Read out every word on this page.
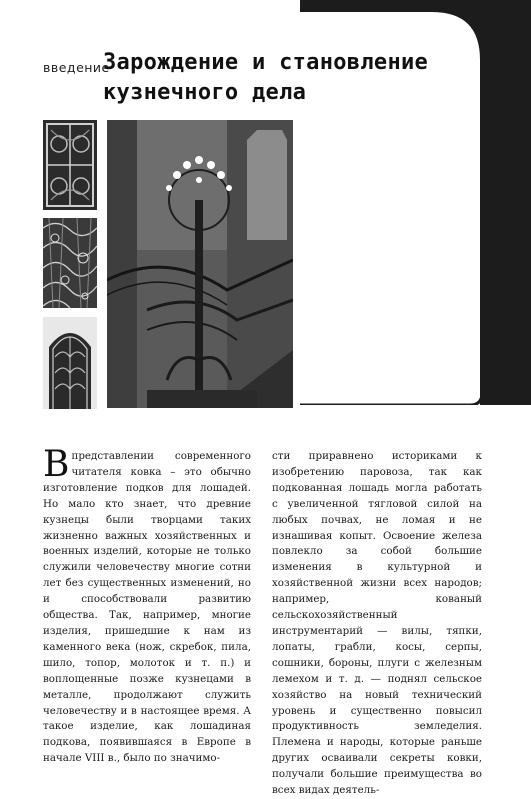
введение
Зарождение и становление
кузнечного дела
Впредставлении современного читателя ковка – это обычно изготовление подков для лошадей. Но мало кто знает, что древние кузнецы были творцами таких жизненно важных хозяйственных и военных изделий, которые не только служили человечеству многие сотни лет без существенных изменений, но и способствовали развитию общества. Так, например, многие изделия, пришедшие к нам из каменного века (нож, скребок, пила, шило, топор, молоток и т. п.) и воплощенные позже кузнецами в металле, продолжают служить человечеству и в настоящее время. А такое изделие, как лошадиная подкова, появившаяся в Европе в начале VIII в., было по значимо-
сти приравнено историками к изобретению паровоза, так как подкованная лошадь могла работать с увеличенной тягловой силой на любых почвах, не ломая и не изнашивая копыт. Освоение железа повлекло за собой большие изменения в культурной и хозяйственной жизни всех народов; например, кованый сельскохозяйственный инструментарий — вилы, тяпки, лопаты, грабли, косы, серпы, сошники, бороны, плуги с железным лемехом и т. д. — поднял сельское хозяйство на новый технический уровень и существенно повысил продуктивность земледелия. Племена и народы, которые раньше других осваивали секреты ковки, получали большие преимущества во всех видах деятель-
